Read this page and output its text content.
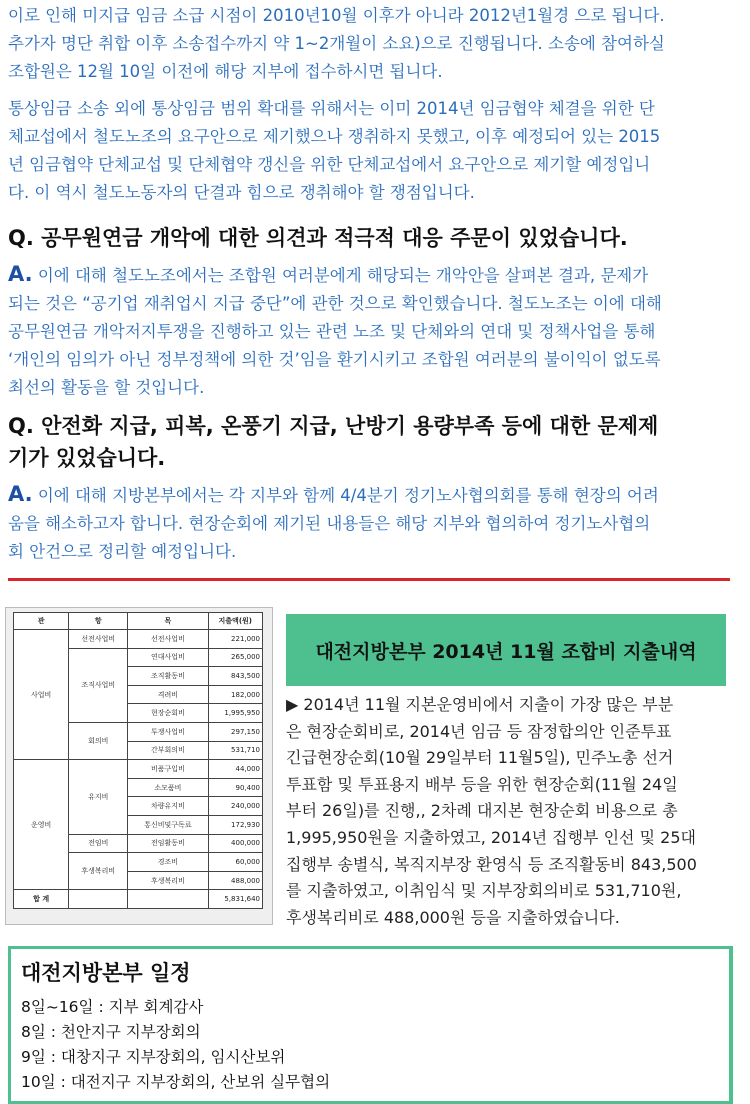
이로 인해 미지급 임금 소급 시점이 2010년10월 이후가 아니라 2012년1월경 으로 됩니다.
추가자 명단 취합 이후 소송접수까지 약 1~2개월이 소요)으로 진행됩니다. 소송에 참여하실
조합원은 12월 10일 이전에 해당 지부에 접수하시면 됩니다.
통상임금 소송 외에 통상임금 범위 확대를 위해서는 이미 2014년 임금협약 체결을 위한 단
체교섭에서 철도노조의 요구안으로 제기했으나 쟁취하지 못했고, 이후 예정되어 있는 2015
년 임금협약 단체교섭 및 단체협약 갱신을 위한 단체교섭에서 요구안으로 제기할 예정입니
다. 이 역시 철도노동자의 단결과 힘으로 쟁취해야 할 쟁점입니다.
Q. 공무원연금 개악에 대한 의견과 적극적 대응 주문이 있었습니다.
A. 이에 대해 철도노조에서는 조합원 여러분에게 해당되는 개악안을 살펴본 결과, 문제가
되는 것은 “공기업 재취업시 지급 중단”에 관한 것으로 확인했습니다. 철도노조는 이에 대해
공무원연금 개악저지투쟁을 진행하고 있는 관련 노조 및 단체와의 연대 및 정책사업을 통해
‘개인의 임의가 아닌 정부정책에 의한 것’임을 환기시키고 조합원 여러분의 불이익이 없도록
최선의 활동을 할 것입니다.
Q. 안전화 지급, 피복, 온풍기 지급, 난방기 용량부족 등에 대한 문제제
기가 있었습니다.
A. 이에 대해 지방본부에서는 각 지부와 함께 4/4분기 정기노사협의회를 통해 현장의 어려
움을 해소하고자 합니다. 현장순회에 제기된 내용들은 해당 지부와 협의하여 정기노사협의
회 안건으로 정리할 예정입니다.
관	항	목	지출액(원)
사업비	선전사업비	선전사업비	221,000
	조직사업비	연대사업비	265,000
		조직활동비	843,500
		격려비	182,000
		현장순회비	1,995,950
	회의비	투쟁사업비	297,150
		간부회의비	531,710
운영비	유지비	비품구입비	44,000
		소모품비	90,400
		차량유지비	240,000
		통신비및구독료	172,930
	전임비	전임활동비	400,000
	후생복리비	경조비	60,000
		후생복리비	488,000
합 계			5,831,640
대전지방본부 2014년 11월 조합비 지출내역
▶ 2014년 11월 지본운영비에서 지출이 가장 많은 부분
은 현장순회비로, 2014년 임금 등 잠정합의안 인준투표
긴급현장순회(10월 29일부터 11월5일), 민주노총 선거
투표함 및 투표용지 배부 등을 위한 현장순회(11월 24일
부터 26일)를 진행,, 2차례 대지본 현장순회 비용으로 총
1,995,950원을 지출하였고, 2014년 집행부 인선 및 25대
집행부 송별식, 복직지부장 환영식 등 조직활동비 843,500
를 지출하였고, 이취임식 및 지부장회의비로 531,710원,
후생복리비로 488,000원 등을 지출하였습니다.
대전지방본부 일정
8일~16일 : 지부 회계감사
8일 : 천안지구 지부장회의
9일 : 대창지구 지부장회의, 임시산보위
10일 : 대전지구 지부장회의, 산보위 실무협의
